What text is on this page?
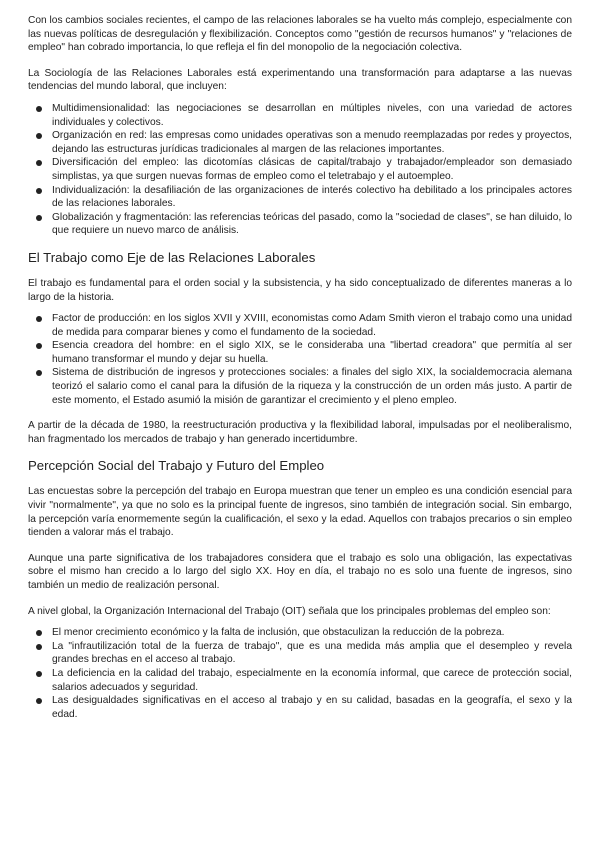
Con los cambios sociales recientes, el campo de las relaciones laborales se ha vuelto más complejo, especialmente con las nuevas políticas de desregulación y flexibilización. Conceptos como "gestión de recursos humanos" y "relaciones de empleo" han cobrado importancia, lo que refleja el fin del monopolio de la negociación colectiva.

La Sociología de las Relaciones Laborales está experimentando una transformación para adaptarse a las nuevas tendencias del mundo laboral, que incluyen:

Multidimensionalidad: las negociaciones se desarrollan en múltiples niveles, con una variedad de actores individuales y colectivos.
Organización en red: las empresas como unidades operativas son a menudo reemplazadas por redes y proyectos, dejando las estructuras jurídicas tradicionales al margen de las relaciones importantes.
Diversificación del empleo: las dicotomías clásicas de capital/trabajo y trabajador/empleador son demasiado simplistas, ya que surgen nuevas formas de empleo como el teletrabajo y el autoempleo.
Individualización: la desafiliación de las organizaciones de interés colectivo ha debilitado a los principales actores de las relaciones laborales.
Globalización y fragmentación: las referencias teóricas del pasado, como la "sociedad de clases", se han diluido, lo que requiere un nuevo marco de análisis.
El Trabajo como Eje de las Relaciones Laborales

El trabajo es fundamental para el orden social y la subsistencia, y ha sido conceptualizado de diferentes maneras a lo largo de la historia.

Factor de producción: en los siglos XVII y XVIII, economistas como Adam Smith vieron el trabajo como una unidad de medida para comparar bienes y como el fundamento de la sociedad.
Esencia creadora del hombre: en el siglo XIX, se le consideraba una "libertad creadora" que permitía al ser humano transformar el mundo y dejar su huella.
Sistema de distribución de ingresos y protecciones sociales: a finales del siglo XIX, la socialdemocracia alemana teorizó el salario como el canal para la difusión de la riqueza y la construcción de un orden más justo. A partir de este momento, el Estado asumió la misión de garantizar el crecimiento y el pleno empleo.

A partir de la década de 1980, la reestructuración productiva y la flexibilidad laboral, impulsadas por el neoliberalismo, han fragmentado los mercados de trabajo y han generado incertidumbre.

Percepción Social del Trabajo y Futuro del Empleo

Las encuestas sobre la percepción del trabajo en Europa muestran que tener un empleo es una condición esencial para vivir "normalmente", ya que no solo es la principal fuente de ingresos, sino también de integración social. Sin embargo, la percepción varía enormemente según la cualificación, el sexo y la edad. Aquellos con trabajos precarios o sin empleo tienden a valorar más el trabajo.

Aunque una parte significativa de los trabajadores considera que el trabajo es solo una obligación, las expectativas sobre el mismo han crecido a lo largo del siglo XX. Hoy en día, el trabajo no es solo una fuente de ingresos, sino también un medio de realización personal.

A nivel global, la Organización Internacional del Trabajo (OIT) señala que los principales problemas del empleo son:

El menor crecimiento económico y la falta de inclusión, que obstaculizan la reducción de la pobreza.
La "infrautilización total de la fuerza de trabajo", que es una medida más amplia que el desempleo y revela grandes brechas en el acceso al trabajo.
La deficiencia en la calidad del trabajo, especialmente en la economía informal, que carece de protección social, salarios adecuados y seguridad.
Las desigualdades significativas en el acceso al trabajo y en su calidad, basadas en la geografía, el sexo y la edad.
